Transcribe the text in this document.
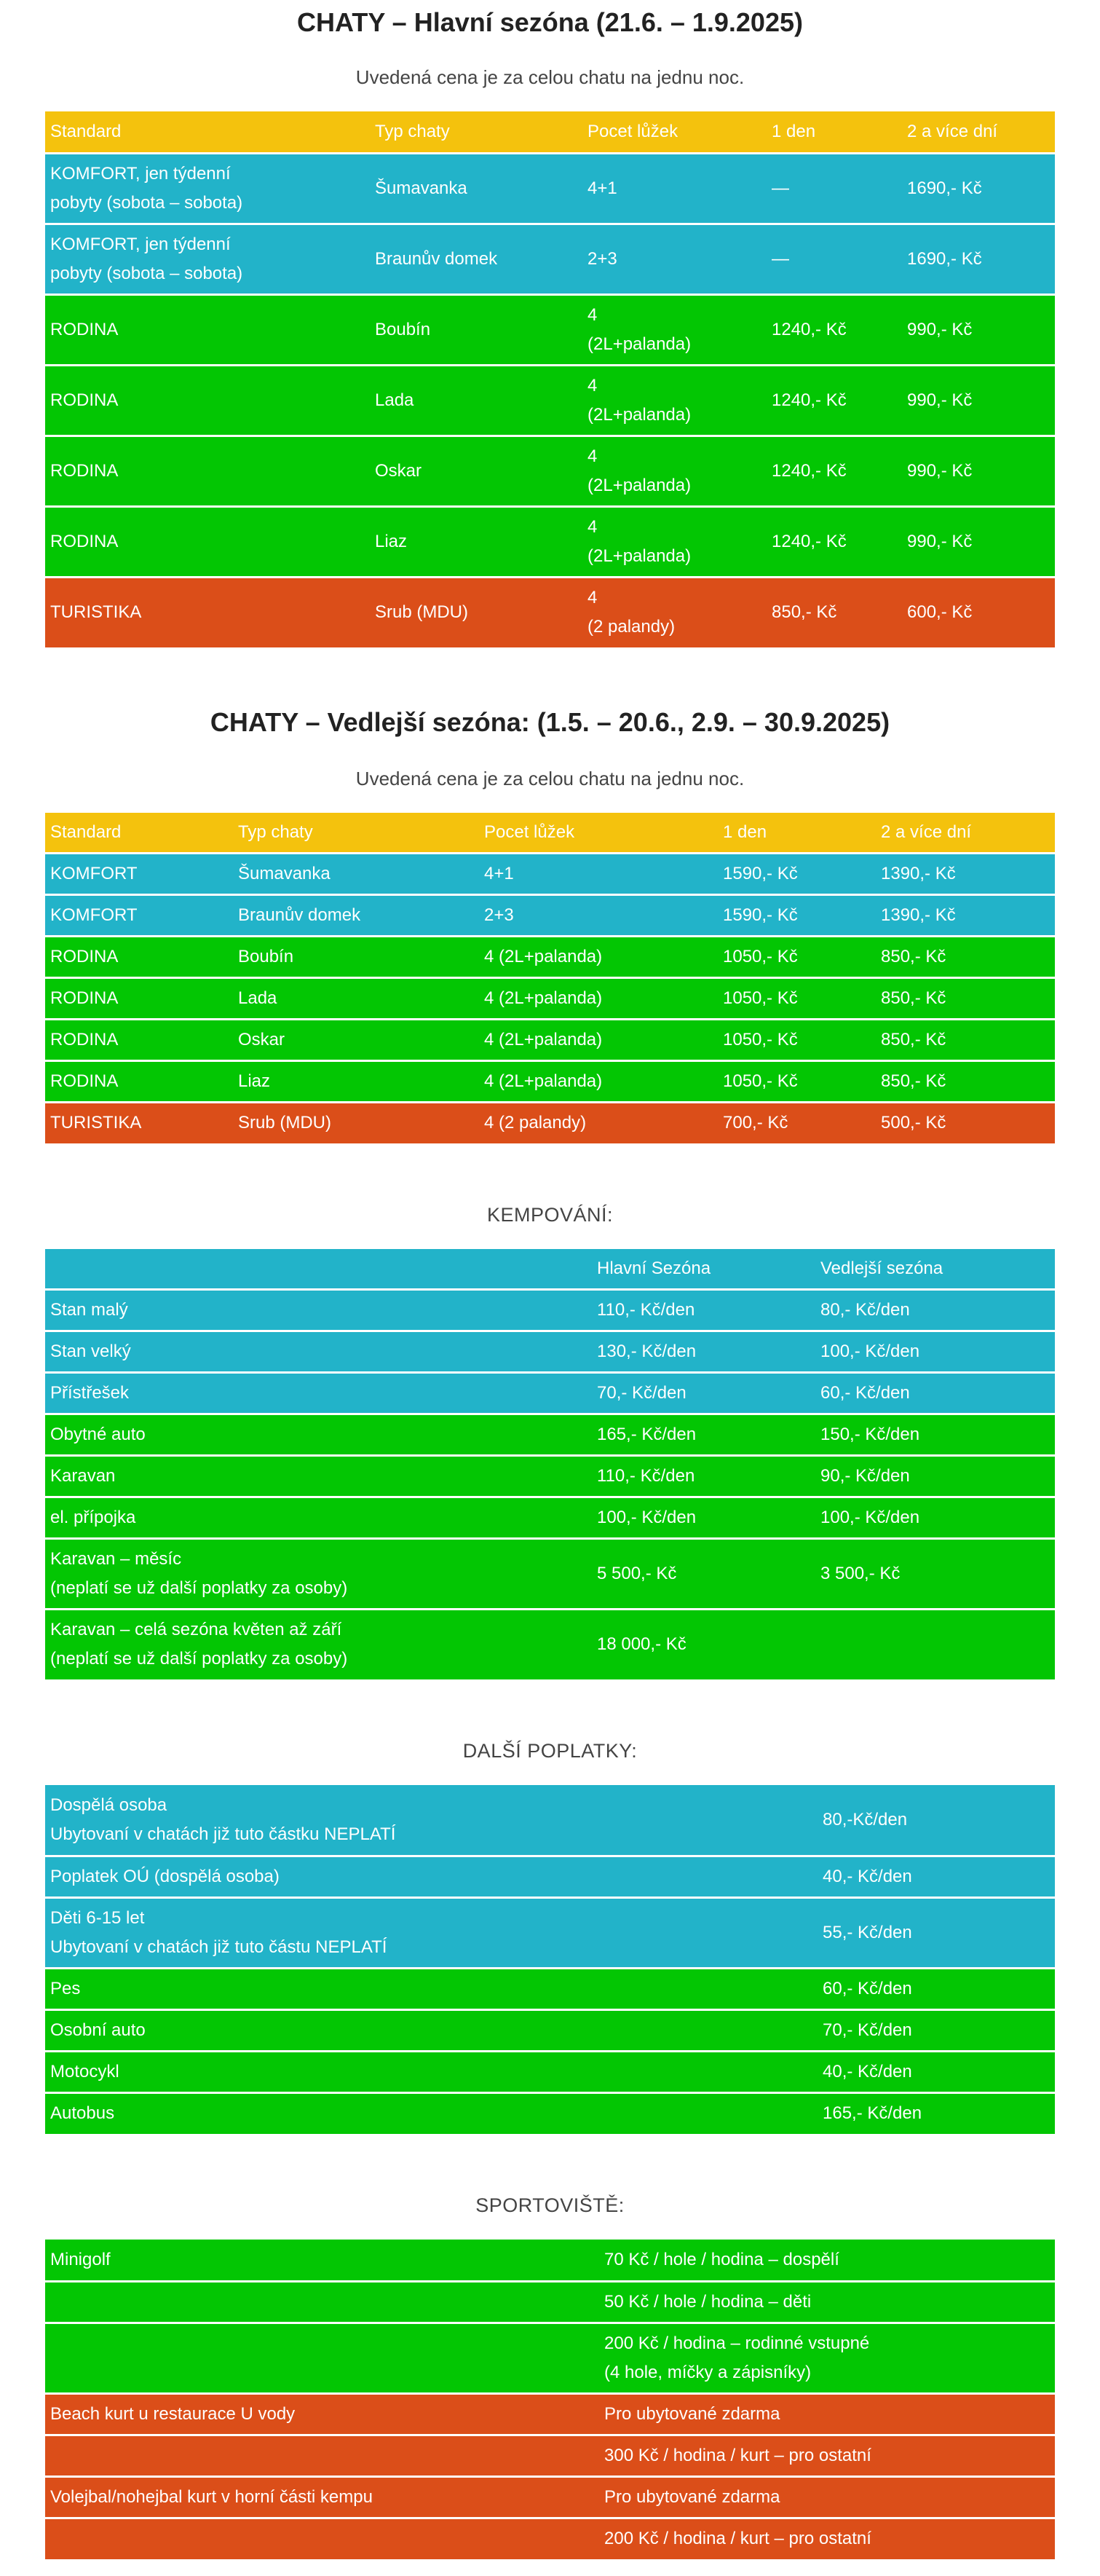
CHATY – Hlavní sezóna (21.6. – 1.9.2025)

Uvedená cena je za celou chatu na jednu noc.

Standard	Typ chaty	Pocet lůžek	1 den	2 a více dní

KOMFORT, jen týdenní
pobyty (sobota – sobota)	Šumavanka	4+1	—	1690,- Kč

KOMFORT, jen týdenní
pobyty (sobota – sobota)	Braunův domek	2+3	—	1690,- Kč

RODINA	Boubín	4
(2L+palanda)	1240,- Kč	990,- Kč

RODINA	Lada	4
(2L+palanda)	1240,- Kč	990,- Kč

RODINA	Oskar	4
(2L+palanda)	1240,- Kč	990,- Kč

RODINA	Liaz	4
(2L+palanda)	1240,- Kč	990,- Kč

TURISTIKA	Srub (MDU)	4
(2 palandy)	850,- Kč	600,- Kč
CHATY – Vedlejší sezóna: (1.5. – 20.6., 2.9. – 30.9.2025)

Uvedená cena je za celou chatu na jednu noc.

Standard	Typ chaty	Pocet lůžek	1 den	2 a více dní

KOMFORT	Šumavanka	4+1	1590,- Kč	1390,- Kč

KOMFORT	Braunův domek	2+3	1590,- Kč	1390,- Kč

RODINA	Boubín	4 (2L+palanda)	1050,- Kč	850,- Kč

RODINA	Lada	4 (2L+palanda)	1050,- Kč	850,- Kč

RODINA	Oskar	4 (2L+palanda)	1050,- Kč	850,- Kč

RODINA	Liaz	4 (2L+palanda)	1050,- Kč	850,- Kč

TURISTIKA	Srub (MDU)	4 (2 palandy)	700,- Kč	500,- Kč

KEMPOVÁNÍ:

	Hlavní Sezóna	Vedlejší sezóna

Stan malý	110,- Kč/den	80,- Kč/den

Stan velký	130,- Kč/den	100,- Kč/den

Přístřešek	70,- Kč/den	60,- Kč/den

Obytné auto	165,- Kč/den	150,- Kč/den

Karavan	110,- Kč/den	90,- Kč/den

el. přípojka	100,- Kč/den	100,- Kč/den

Karavan – měsíc
(neplatí se už další poplatky za osoby)	5 500,- Kč	3 500,- Kč

Karavan – celá sezóna květen až září
(neplatí se už další poplatky za osoby)	18 000,- Kč	

DALŠÍ POPLATKY:

Dospělá osoba
Ubytovaní v chatách již tuto částku NEPLATÍ	80,-Kč/den

Poplatek OÚ (dospělá osoba)	40,- Kč/den

Děti 6-15 let
Ubytovaní v chatách již tuto částu NEPLATÍ	55,- Kč/den

Pes	60,- Kč/den

Osobní auto	70,- Kč/den

Motocykl	40,- Kč/den

Autobus	165,- Kč/den

SPORTOVIŠTĚ:

Minigolf	70 Kč / hole / hodina – dospělí

	50 Kč / hole / hodina – děti

	200 Kč / hodina – rodinné vstupné
(4 hole, míčky a zápisníky)

Beach kurt u restaurace U vody	Pro ubytované zdarma

	300 Kč / hodina / kurt – pro ostatní

Volejbal/nohejbal kurt v horní části kempu	Pro ubytované zdarma

	200 Kč / hodina / kurt – pro ostatní
